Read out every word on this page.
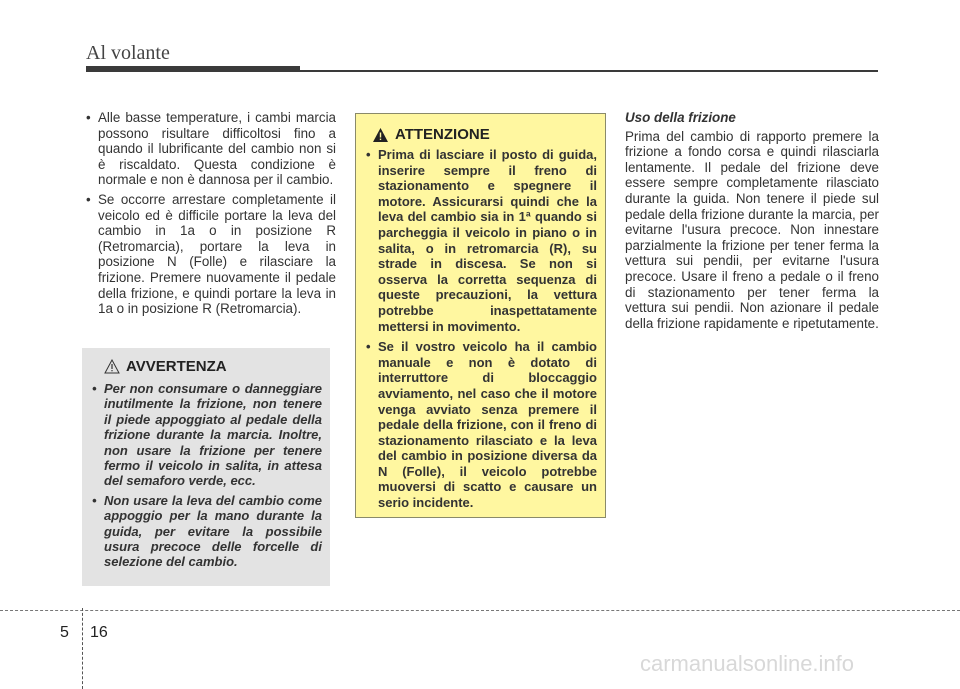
Al volante
• Alle basse temperature, i cambi marcia possono risultare difficoltosi fino a quando il lubrificante del cambio non si è riscaldato. Questa condizione è normale e non è dannosa per il cambio.
• Se occorre arrestare completamente il veicolo ed è difficile portare la leva del cambio in 1a o in posizione R (Retromarcia), portare la leva in posizione N (Folle) e rilasciare la frizione. Premere nuovamente il pedale della frizione, e quindi portare la leva in 1a o in posizione R (Retromarcia).
AVVERTENZA
• Per non consumare o danneggiare inutilmente la frizione, non tenere il piede appoggiato al pedale della frizione durante la marcia. Inoltre, non usare la frizione per tenere fermo il veicolo in salita, in attesa del semaforo verde, ecc.
• Non usare la leva del cambio come appoggio per la mano durante la guida, per evitare la possibile usura precoce delle forcelle di selezione del cambio.
ATTENZIONE
• Prima di lasciare il posto di guida, inserire sempre il freno di stazionamento e spegnere il motore. Assicurarsi quindi che la leva del cambio sia in 1ª quando si parcheggia il veicolo in piano o in salita, o in retromarcia (R), su strade in discesa. Se non si osserva la corretta sequenza di queste precauzioni, la vettura potrebbe inaspettatamente mettersi in movimento.
• Se il vostro veicolo ha il cambio manuale e non è dotato di interruttore di bloccaggio avviamento, nel caso che il motore venga avviato senza premere il pedale della frizione, con il freno di stazionamento rilasciato e la leva del cambio in posizione diversa da N (Folle), il veicolo potrebbe muoversi di scatto e causare un serio incidente.
Uso della frizione
Prima del cambio di rapporto premere la frizione a fondo corsa e quindi rilasciarla lentamente. Il pedale del frizione deve essere sempre completamente rilasciato durante la guida. Non tenere il piede sul pedale della frizione durante la marcia, per evitarne l'usura precoce. Non innestare parzialmente la frizione per tener ferma la vettura sui pendii, per evitarne l'usura precoce. Usare il freno a pedale o il freno di stazionamento per tener ferma la vettura sui pendii. Non azionare il pedale della frizione rapidamente e ripetutamente.
5 16
carmanualsonline.info
